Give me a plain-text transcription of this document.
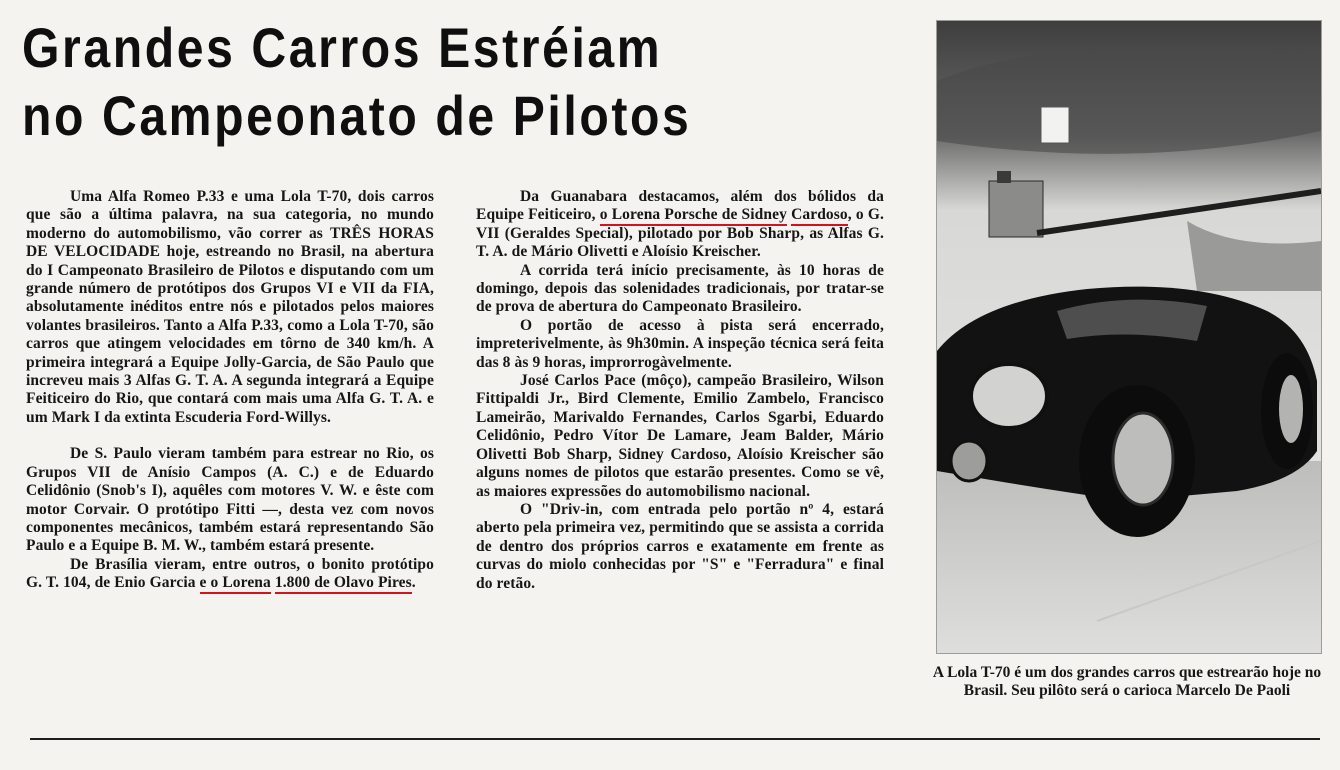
Grandes Carros Estréiam
no Campeonato de Pilotos

Uma Alfa Romeo P.33 e uma Lola T-70, dois carros que são a última palavra, na sua categoria, no mundo moderno do automobilismo, vão correr as TRÊS HORAS DE VELOCIDADE hoje, estreando no Brasil, na abertura do I Campeonato Brasileiro de Pilotos e disputando com um grande número de protótipos dos Grupos VI e VII da FIA, absolutamente inéditos entre nós e pilotados pelos maiores volantes brasileiros. Tanto a Alfa P.33, como a Lola T-70, são carros que atingem velocidades em tôrno de 340 km/h. A primeira integrará a Equipe Jolly-Garcia, de São Paulo que increveu mais 3 Alfas G. T. A. A segunda integrará a Equipe Feiticeiro do Rio, que contará com mais uma Alfa G. T. A. e um Mark I da extinta Escuderia Ford-Willys.

De S. Paulo vieram também para estrear no Rio, os Grupos VII de Anísio Campos (A. C.) e de Eduardo Celidônio (Snob's I), aquêles com motores V. W. e êste com motor Corvair. O protótipo Fitti —, desta vez com novos componentes mecânicos, também estará representando São Paulo e a Equipe B. M. W., também estará presente.

De Brasília vieram, entre outros, o bonito protótipo G. T. 104, de Enio Garcia e o Lorena 1.800 de Olavo Pires.

Da Guanabara destacamos, além dos bólidos da Equipe Feiticeiro, o Lorena Porsche de Sidney Cardoso, o G. VII (Geraldes Special), pilotado por Bob Sharp, as Alfas G. T. A. de Mário Olivetti e Aloísio Kreischer.

A corrida terá início precisamente, às 10 horas de domingo, depois das solenidades tradicionais, por tratar-se de prova de abertura do Campeonato Brasileiro.

O portão de acesso à pista será encerrado, impreterivelmente, às 9h30min. A inspeção técnica será feita das 8 às 9 horas, improrrogàvelmente.

José Carlos Pace (môço), campeão Brasileiro, Wilson Fittipaldi Jr., Bird Clemente, Emilio Zambelo, Francisco Lameirão, Marivaldo Fernandes, Carlos Sgarbi, Eduardo Celidônio, Pedro Vítor De Lamare, Jeam Balder, Mário Olivetti Bob Sharp, Sidney Cardoso, Aloísio Kreischer são alguns nomes de pilotos que estarão presentes. Como se vê, as maiores expressões do automobilismo nacional.

O "Driv-in, com entrada pelo portão nº 4, estará aberto pela primeira vez, permitindo que se assista a corrida de dentro dos próprios carros e exatamente em frente as curvas do miolo conhecidas por "S" e "Ferradura" e final do retão.

A Lola T-70 é um dos grandes carros que estrearão hoje no Brasil. Seu pilôto será o carioca Marcelo De Paoli
